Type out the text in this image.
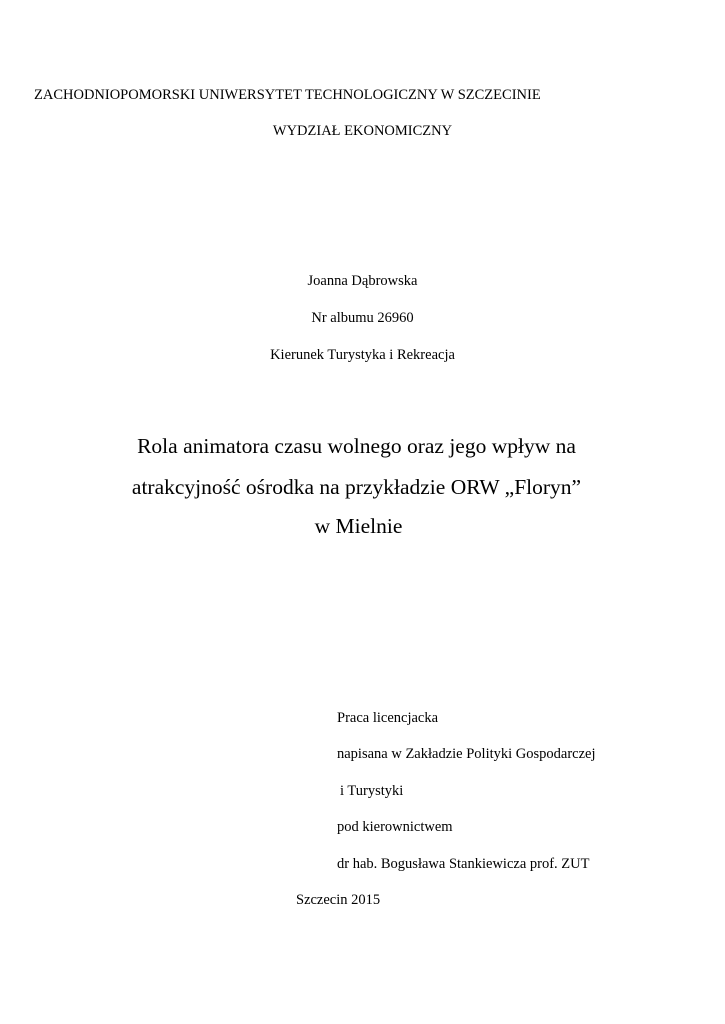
ZACHODNIOPOMORSKI UNIWERSYTET TECHNOLOGICZNY W SZCZECINIE
WYDZIAŁ EKONOMICZNY
Joanna Dąbrowska
Nr albumu 26960
Kierunek Turystyka i Rekreacja
Rola animatora czasu wolnego oraz jego wpływ na
atrakcyjność ośrodka na przykładzie ORW „Floryn”
w Mielnie
Praca licencjacka
napisana w Zakładzie Polityki Gospodarczej
i Turystyki
pod kierownictwem
dr hab. Bogusława Stankiewicza prof. ZUT
Szczecin 2015
